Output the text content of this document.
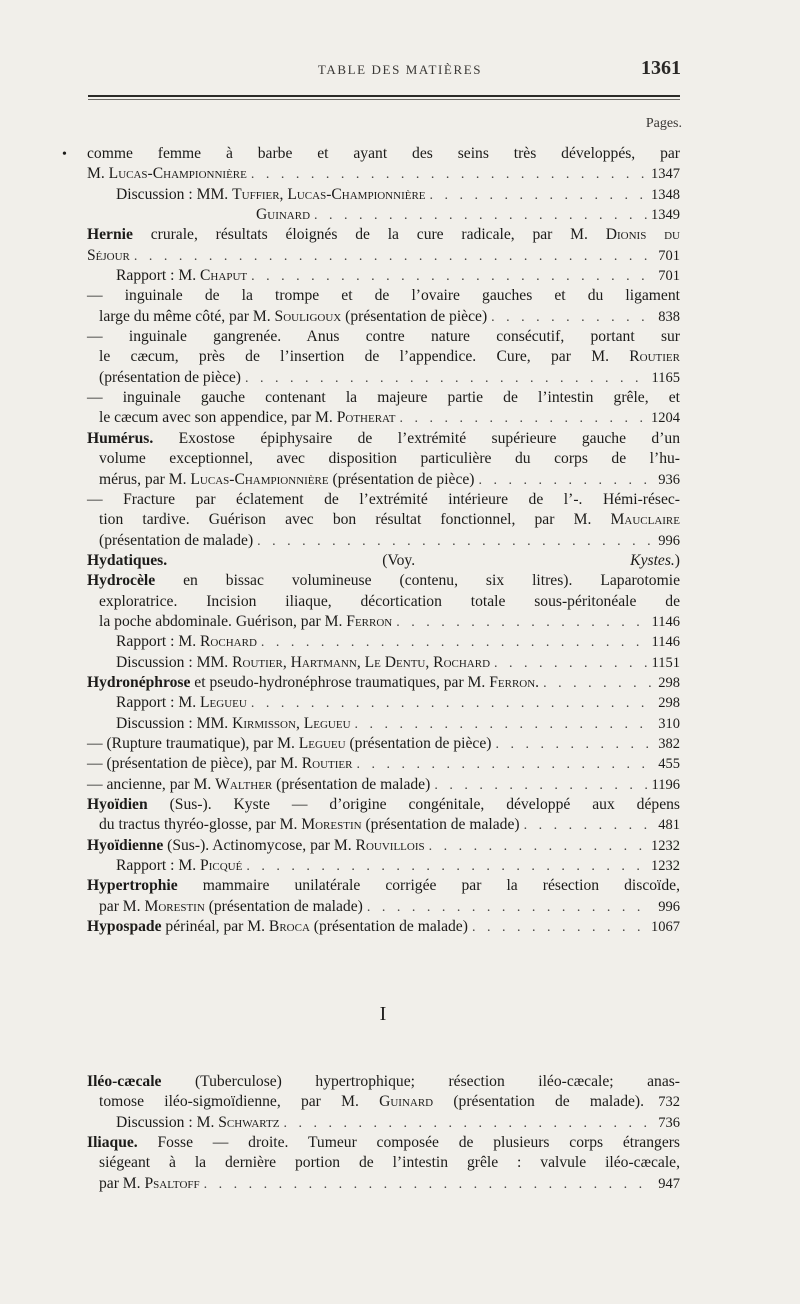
TABLE DES MATIÈRES	1361
Pages.
• comme femme à barbe et ayant des seins très développés, par
M. Lucas-Championnière . . .	1347
Discussion : MM. Tuffier, Lucas-Championnière . . .	1348
Guinard . . .	1349
Hernie crurale, résultats éloignés de la cure radicale, par M. Dionis du
Séjour . . .	701
Rapport : M. Chaput . . .	701
— inguinale de la trompe et de l’ovaire gauches et du ligament
large du même côté, par M. Souligoux (présentation de pièce) . . .	838
— inguinale gangrenée. Anus contre nature consécutif, portant sur
le cæcum, près de l’insertion de l’appendice. Cure, par M. Routier
(présentation de pièce) . . .	1165
— inguinale gauche contenant la majeure partie de l’intestin grêle, et
le cæcum avec son appendice, par M. Potherat . . .	1204
Humérus. Exostose épiphysaire de l’extrémité supérieure gauche d’un
volume exceptionnel, avec disposition particulière du corps de l’hu-
mérus, par M. Lucas-Championnière (présentation de pièce) . . .	936
— Fracture par éclatement de l’extrémité intérieure de l’-. Hémi-résec-
tion tardive. Guérison avec bon résultat fonctionnel, par M. Mauclaire
(présentation de malade) . . .	996
Hydatiques. (Voy. Kystes.)
Hydrocèle en bissac volumineuse (contenu, six litres). Laparotomie
exploratrice. Incision iliaque, décortication totale sous-péritonéale de
la poche abdominale. Guérison, par M. Ferron . . .	1146
Rapport : M. Rochard . . .	1146
Discussion : MM. Routier, Hartmann, Le Dentu, Rochard . . .	1151
Hydronéphrose et pseudo-hydronéphrose traumatiques, par M. Ferron. . . .	298
Rapport : M. Legueu . . .	298
Discussion : MM. Kirmisson, Legueu . . .	310
— (Rupture traumatique), par M. Legueu (présentation de pièce) . . .	382
— (présentation de pièce), par M. Routier . . .	455
— ancienne, par M. Walther (présentation de malade) . . .	1196
Hyoïdien (Sus-). Kyste — d’origine congénitale, développé aux dépens
du tractus thyréo-glosse, par M. Morestin (présentation de malade) . . .	481
Hyoïdienne (Sus-). Actinomycose, par M. Rouvillois . . .	1232
Rapport : M. Picqué . . .	1232
Hypertrophie mammaire unilatérale corrigée par la résection discoïde,
par M. Morestin (présentation de malade) . . .	996
Hypospade périnéal, par M. Broca (présentation de malade) . . .	1067
I
Iléo-cæcale (Tuberculose) hypertrophique; résection iléo-cæcale; anas-
tomose iléo-sigmoïdienne, par M. Guinard (présentation de malade). 732
Discussion : M. Schwartz . . .	736
Iliaque. Fosse — droite. Tumeur composée de plusieurs corps étrangers
siégeant à la dernière portion de l’intestin grêle : valvule iléo-cæcale,
par M. Psaltoff . . .	947
